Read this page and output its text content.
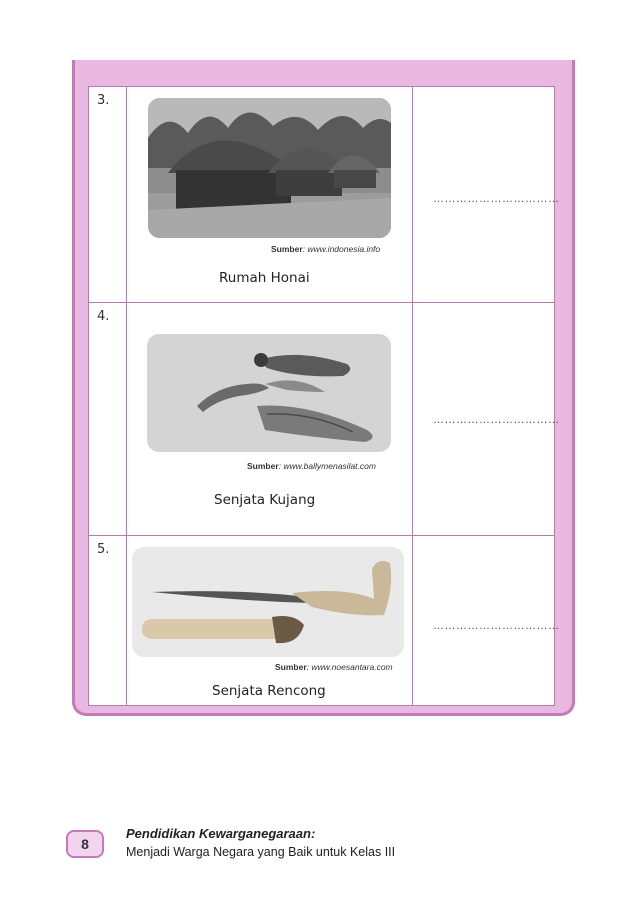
3.
Sumber: www.indonesia.info
Rumah Honai
……………………………
4.
Sumber: www.ballymenasilat.com
Senjata Kujang
……………………………
5.
Sumber: www.noesantara.com
Senjata Rencong
……………………………
8
Pendidikan Kewarganegaraan:
Menjadi Warga Negara yang Baik untuk Kelas III
